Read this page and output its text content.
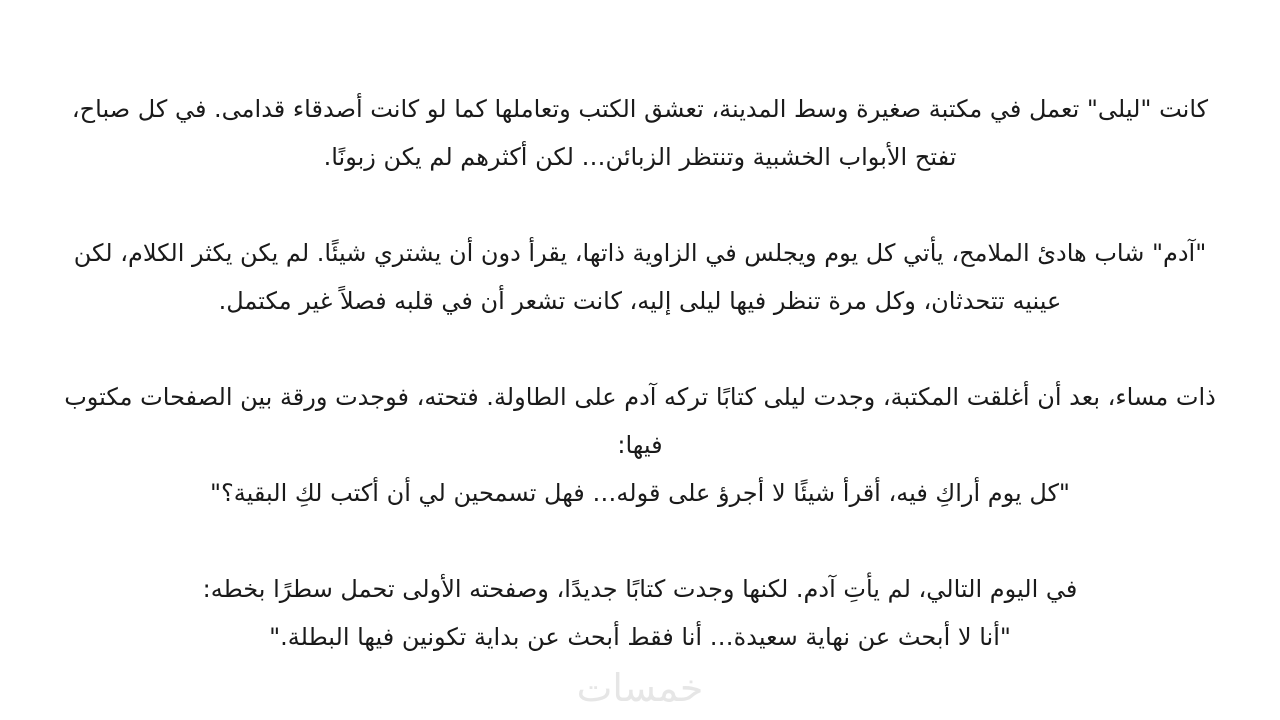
كانت "ليلى" تعمل في مكتبة صغيرة وسط المدينة، تعشق الكتب وتعاملها كما لو كانت أصدقاء قدامى. في كل صباح،
تفتح الأبواب الخشبية وتنتظر الزبائن… لكن أكثرهم لم يكن زبونًا.

"آدم" شاب هادئ الملامح، يأتي كل يوم ويجلس في الزاوية ذاتها، يقرأ دون أن يشتري شيئًا. لم يكن يكثر الكلام، لكن
عينيه تتحدثان، وكل مرة تنظر فيها ليلى إليه، كانت تشعر أن في قلبه فصلاً غير مكتمل.

ذات مساء، بعد أن أغلقت المكتبة، وجدت ليلى كتابًا تركه آدم على الطاولة. فتحته، فوجدت ورقة بين الصفحات مكتوب
فيها:
"كل يوم أراكِ فيه، أقرأ شيئًا لا أجرؤ على قوله… فهل تسمحين لي أن أكتب لكِ البقية؟"

في اليوم التالي، لم يأتِ آدم. لكنها وجدت كتابًا جديدًا، وصفحته الأولى تحمل سطرًا بخطه:
"أنا لا أبحث عن نهاية سعيدة… أنا فقط أبحث عن بداية تكونين فيها البطلة."

خمسات
